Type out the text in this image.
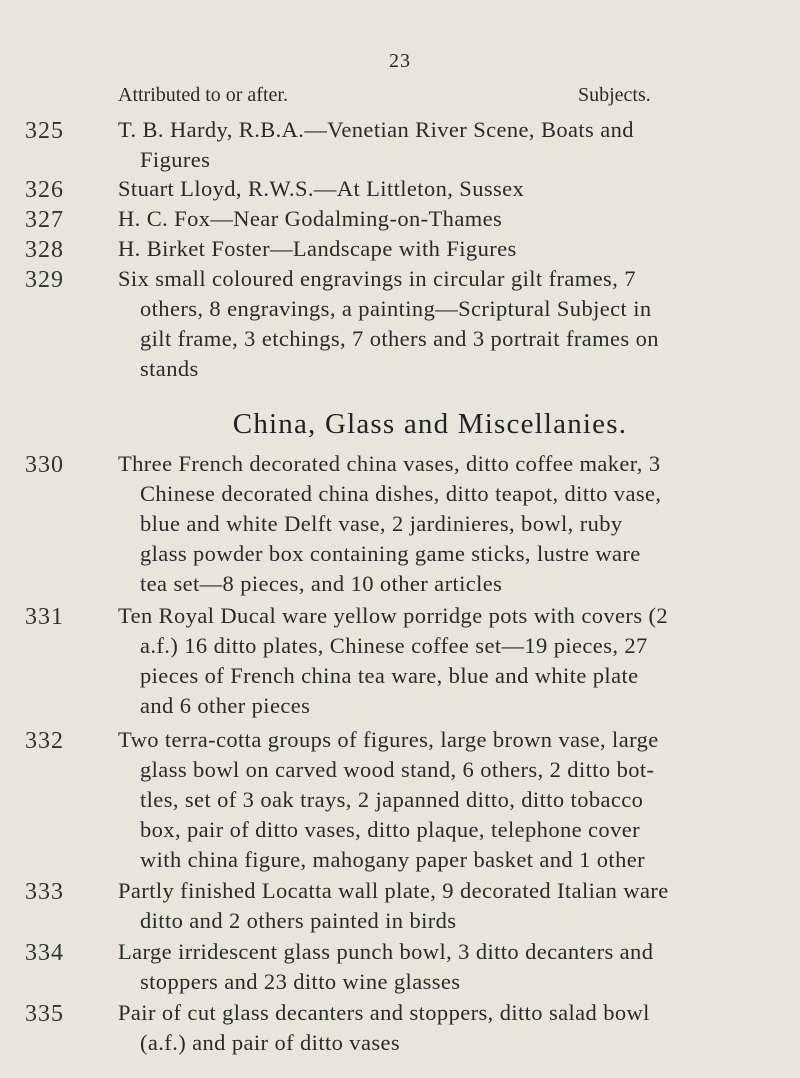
23
Attributed to or after.	Subjects.
325 T. B. Hardy, R.B.A.—Venetian River Scene, Boats and
Figures
326 Stuart Lloyd, R.W.S.—At Littleton, Sussex
327 H. C. Fox—Near Godalming-on-Thames
328 H. Birket Foster—Landscape with Figures
329 Six small coloured engravings in circular gilt frames, 7
others, 8 engravings, a painting—Scriptural Subject in
gilt frame, 3 etchings, 7 others and 3 portrait frames on
stands
China, Glass and Miscellanies.
330 Three French decorated china vases, ditto coffee maker, 3
Chinese decorated china dishes, ditto teapot, ditto vase,
blue and white Delft vase, 2 jardinieres, bowl, ruby
glass powder box containing game sticks, lustre ware
tea set—8 pieces, and 10 other articles
331 Ten Royal Ducal ware yellow porridge pots with covers (2
a.f.) 16 ditto plates, Chinese coffee set—19 pieces, 27
pieces of French china tea ware, blue and white plate
and 6 other pieces
332 Two terra-cotta groups of figures, large brown vase, large
glass bowl on carved wood stand, 6 others, 2 ditto bot-
tles, set of 3 oak trays, 2 japanned ditto, ditto tobacco
box, pair of ditto vases, ditto plaque, telephone cover
with china figure, mahogany paper basket and 1 other
333 Partly finished Locatta wall plate, 9 decorated Italian ware
ditto and 2 others painted in birds
334 Large irridescent glass punch bowl, 3 ditto decanters and
stoppers and 23 ditto wine glasses
335 Pair of cut glass decanters and stoppers, ditto salad bowl
(a.f.) and pair of ditto vases
